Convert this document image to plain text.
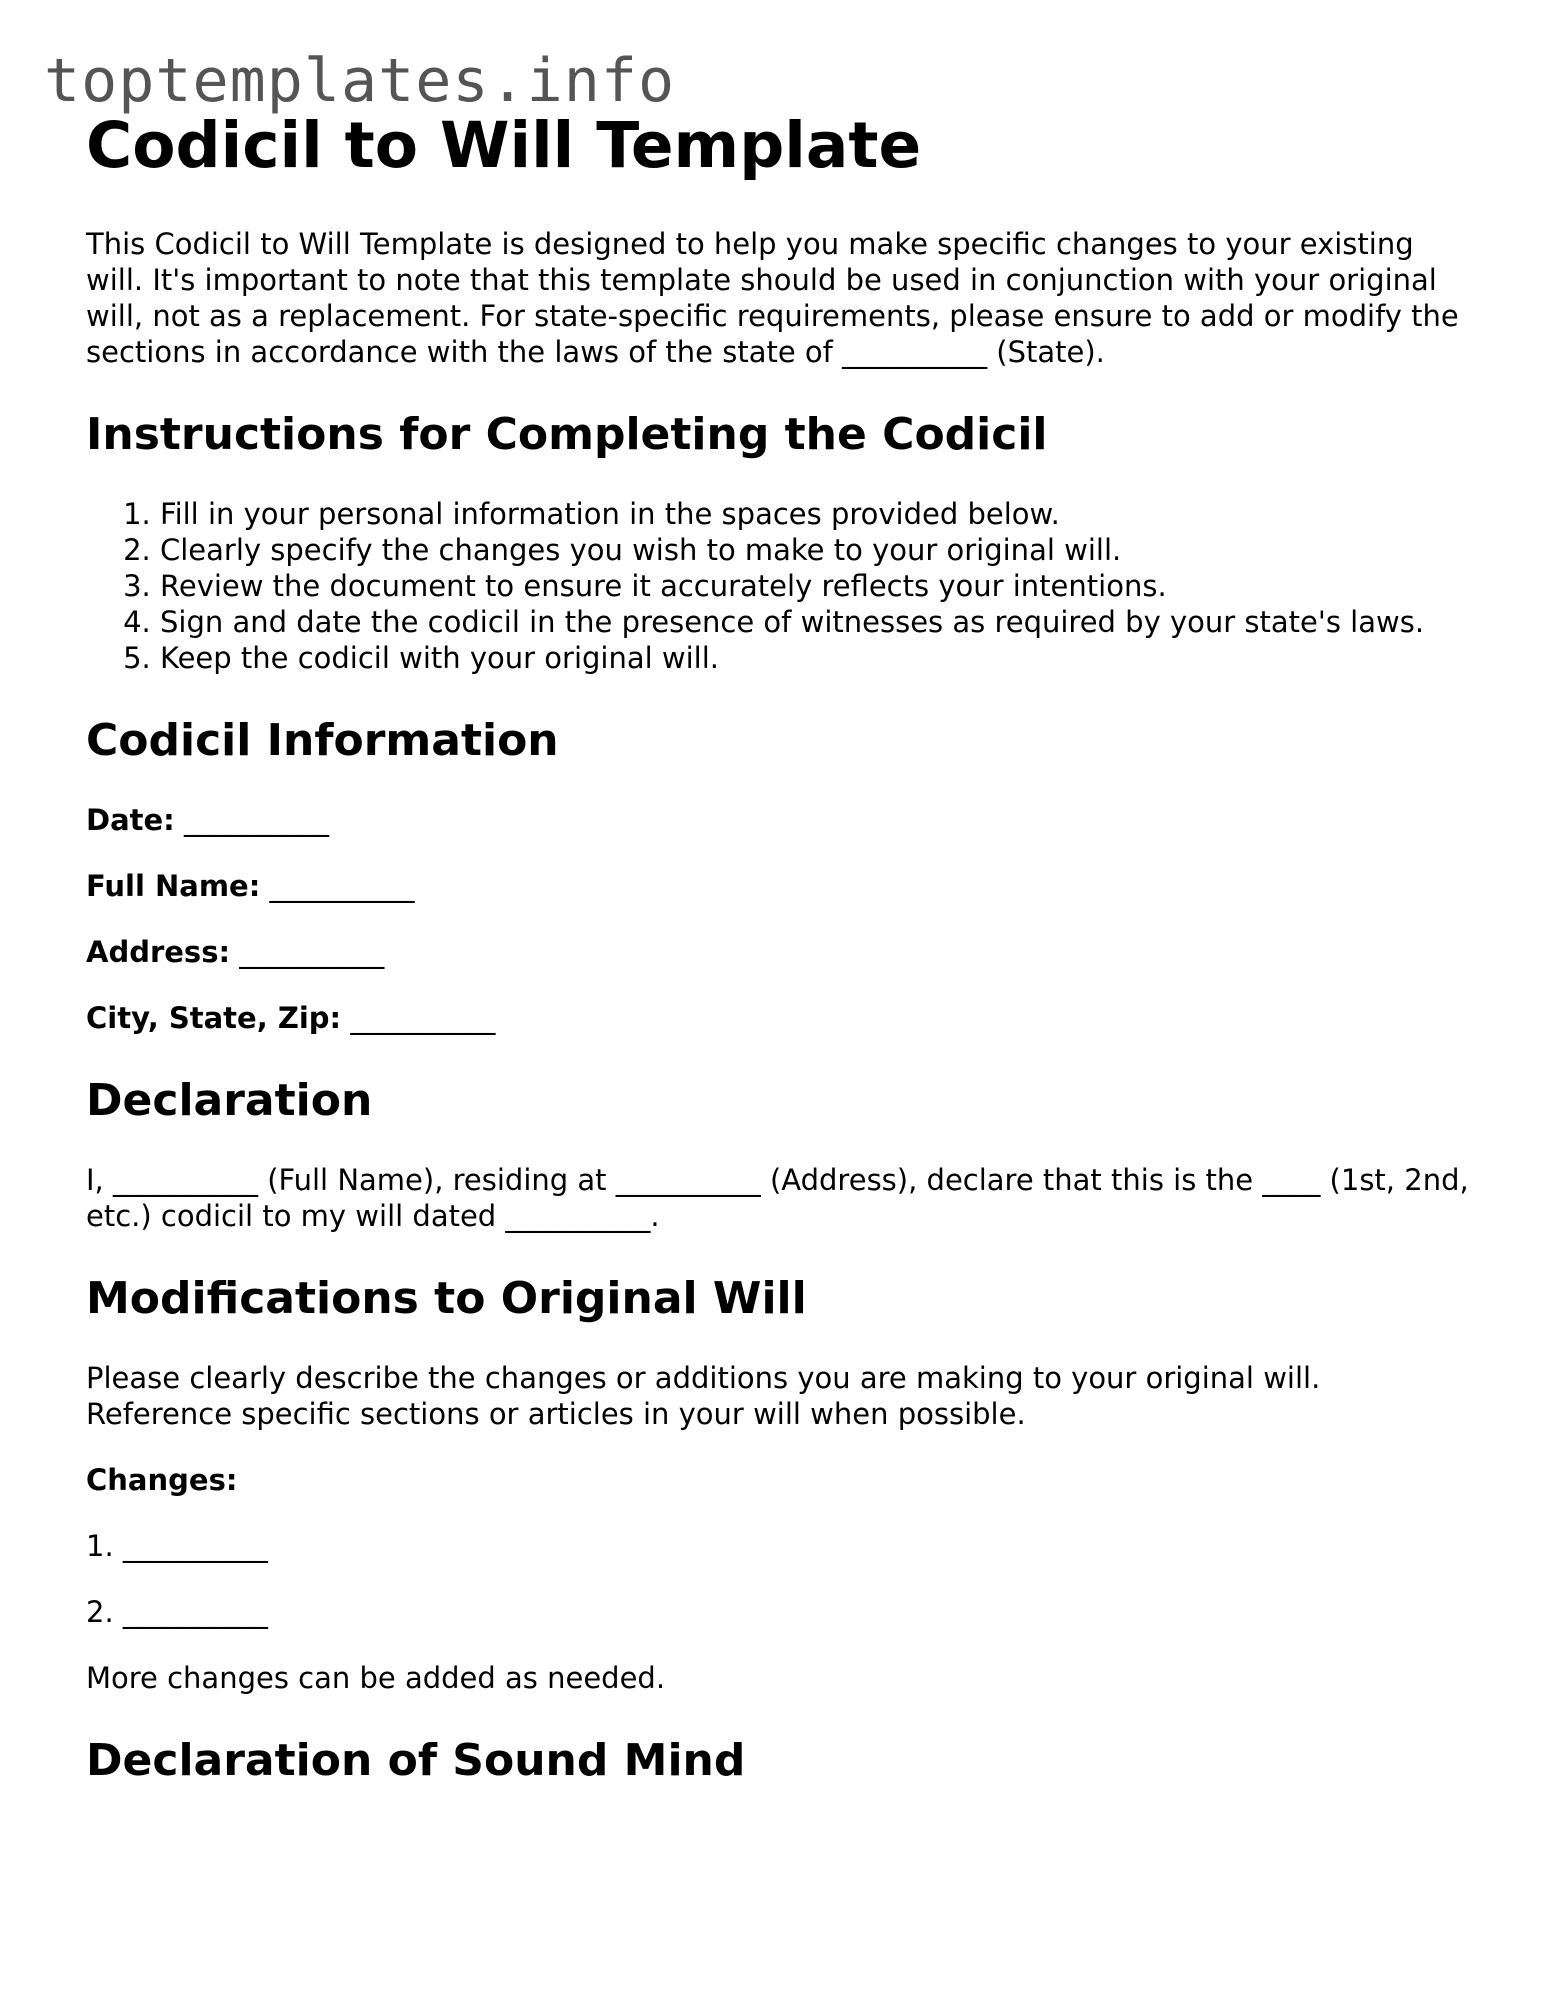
toptemplates.info
Codicil to Will Template

This Codicil to Will Template is designed to help you make specific changes to your existing will. It's important to note that this template should be used in conjunction with your original will, not as a replacement. For state-specific requirements, please ensure to add or modify the sections in accordance with the laws of the state of __________ (State).

Instructions for Completing the Codicil
1. Fill in your personal information in the spaces provided below.
2. Clearly specify the changes you wish to make to your original will.
3. Review the document to ensure it accurately reflects your intentions.
4. Sign and date the codicil in the presence of witnesses as required by your state's laws.
5. Keep the codicil with your original will.
Codicil Information
Date: __________
Full Name: __________
Address: __________
City, State, Zip: __________
Declaration

I, __________ (Full Name), residing at __________ (Address), declare that this is the ____ (1st, 2nd, etc.) codicil to my will dated __________.

Modifications to Original Will

Please clearly describe the changes or additions you are making to your original will. Reference specific sections or articles in your will when possible.

Changes:
1. __________
2. __________

More changes can be added as needed.

Declaration of Sound Mind
